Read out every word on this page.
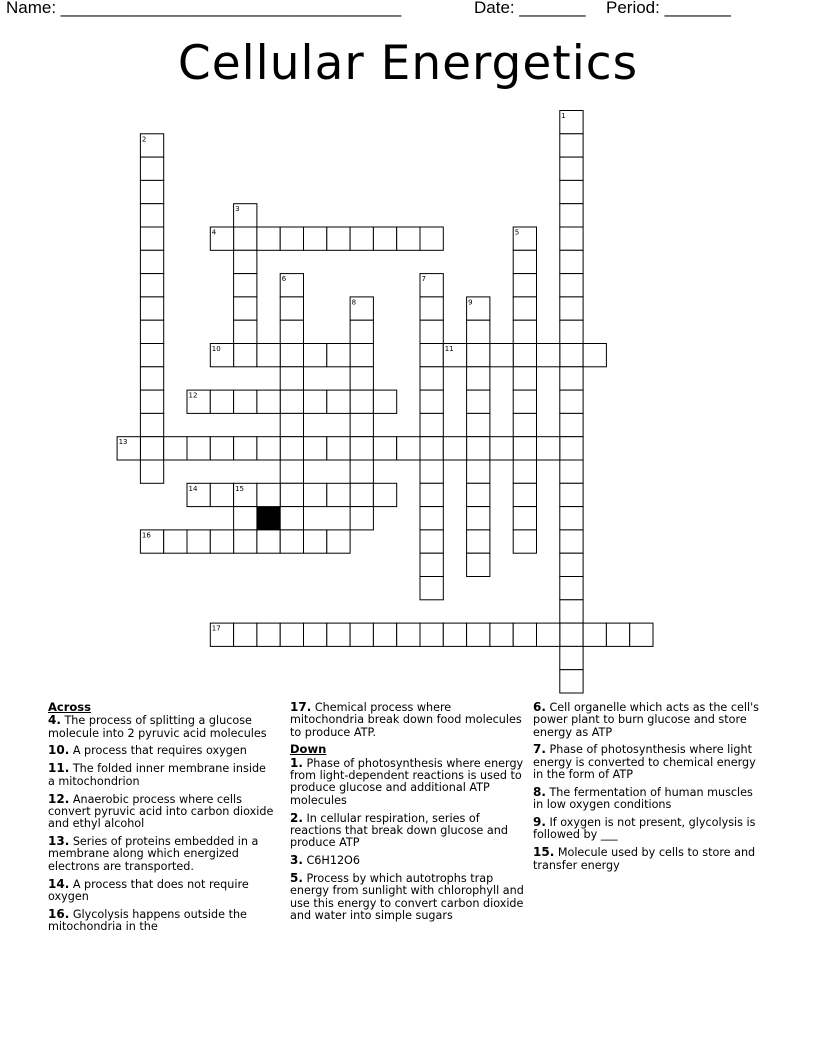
Name: ____________________________________	Date: _______ Period: _______
Cellular Energetics
1
2
3
4	5
6	7
8	9
10	11
12
13
14	15
16
17
Across
4. The process of splitting a glucose molecule into 2 pyruvic acid molecules
10. A process that requires oxygen
11. The folded inner membrane inside a mitochondrion
12. Anaerobic process where cells convert pyruvic acid into carbon dioxide and ethyl alcohol
13. Series of proteins embedded in a membrane along which energized electrons are transported.
14. A process that does not require oxygen
16. Glycolysis happens outside the mitochondria in the
17. Chemical process where mitochondria break down food molecules to produce ATP.
Down
1. Phase of photosynthesis where energy from light-dependent reactions is used to produce glucose and additional ATP molecules
2. In cellular respiration, series of reactions that break down glucose and produce ATP
3. C6H12O6
5. Process by which autotrophs trap energy from sunlight with chlorophyll and use this energy to convert carbon dioxide and water into simple sugars
6. Cell organelle which acts as the cell's power plant to burn glucose and store energy as ATP
7. Phase of photosynthesis where light energy is converted to chemical energy in the form of ATP
8. The fermentation of human muscles in low oxygen conditions
9. If oxygen is not present, glycolysis is followed by ___
15. Molecule used by cells to store and transfer energy
